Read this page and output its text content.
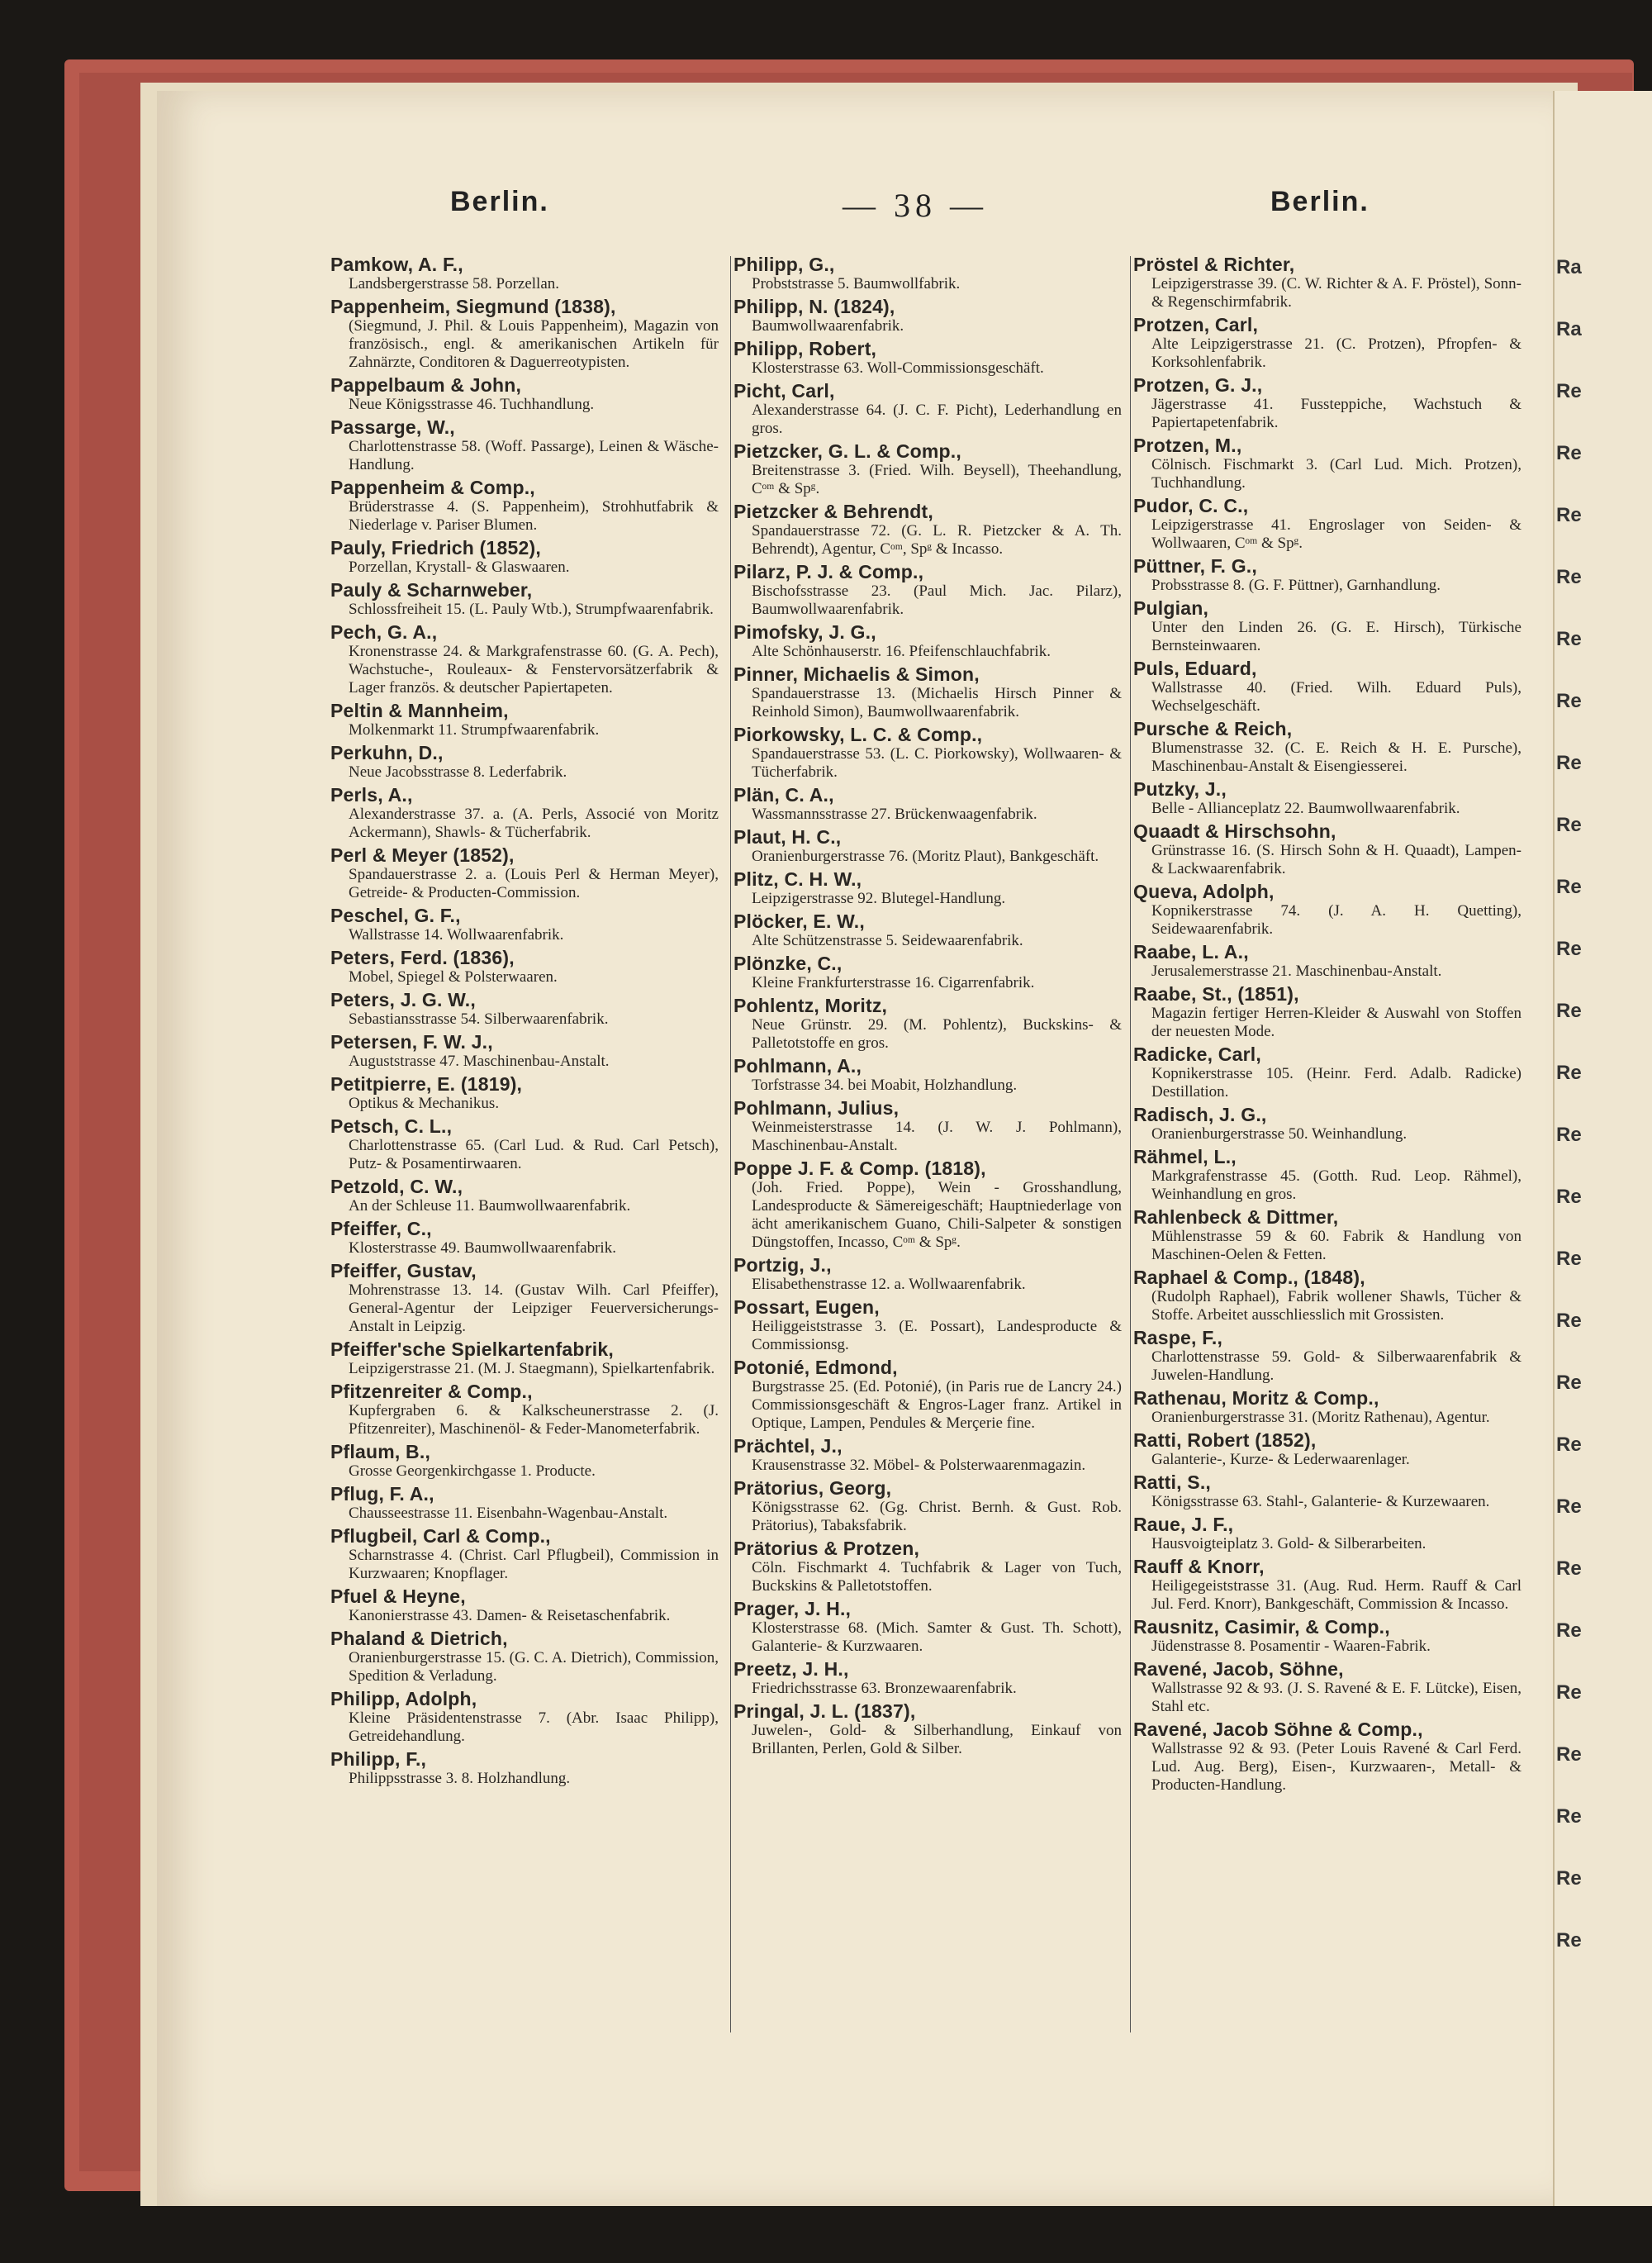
Ra
Ra
Re
Re
Re
Re
Re
Re
Re
Re
Re
Re
Re
Re
Re
Re
Re
Re
Re
Re
Re
Re
Re
Re
Re
Re
Re
Re
Berlin.	— 38 —	Berlin.
Pamkow, A. F.,
Landsbergerstrasse 58. Porzellan.
Pappenheim, Siegmund (1838),
(Siegmund, J. Phil. & Louis Pappenheim), Magazin von französisch., engl. & amerikanischen Artikeln für Zahnärzte, Conditoren & Daguerreotypisten.
Pappelbaum & John,
Neue Königsstrasse 46. Tuchhandlung.
Passarge, W.,
Charlottenstrasse 58. (Woff. Passarge), Leinen & Wäsche-Handlung.
Pappenheim & Comp.,
Brüderstrasse 4. (S. Pappenheim), Strohhutfabrik & Niederlage v. Pariser Blumen.
Pauly, Friedrich (1852),
Porzellan, Krystall- & Glaswaaren.
Pauly & Scharnweber,
Schlossfreiheit 15. (L. Pauly Wtb.), Strumpfwaarenfabrik.
Pech, G. A.,
Kronenstrasse 24. & Markgrafenstrasse 60. (G. A. Pech), Wachstuche-, Rouleaux- & Fenstervorsätzerfabrik & Lager französ. & deutscher Papiertapeten.
Peltin & Mannheim,
Molkenmarkt 11. Strumpfwaarenfabrik.
Perkuhn, D.,
Neue Jacobsstrasse 8. Lederfabrik.
Perls, A.,
Alexanderstrasse 37. a. (A. Perls, Associé von Moritz Ackermann), Shawls- & Tücherfabrik.
Perl & Meyer (1852),
Spandauerstrasse 2. a. (Louis Perl & Herman Meyer), Getreide- & Producten-Commission.
Peschel, G. F.,
Wallstrasse 14. Wollwaarenfabrik.
Peters, Ferd. (1836),
Mobel, Spiegel & Polsterwaaren.
Peters, J. G. W.,
Sebastiansstrasse 54. Silberwaarenfabrik.
Petersen, F. W. J.,
Auguststrasse 47. Maschinenbau-Anstalt.
Petitpierre, E. (1819),
Optikus & Mechanikus.
Petsch, C. L.,
Charlottenstrasse 65. (Carl Lud. & Rud. Carl Petsch), Putz- & Posamentirwaaren.
Petzold, C. W.,
An der Schleuse 11. Baumwollwaarenfabrik.
Pfeiffer, C.,
Klosterstrasse 49. Baumwollwaarenfabrik.
Pfeiffer, Gustav,
Mohrenstrasse 13. 14. (Gustav Wilh. Carl Pfeiffer), General-Agentur der Leipziger Feuerversicherungs-Anstalt in Leipzig.
Pfeiffer'sche Spielkartenfabrik,
Leipzigerstrasse 21. (M. J. Staegmann), Spielkartenfabrik.
Pfitzenreiter & Comp.,
Kupfergraben 6. & Kalkscheunerstrasse 2. (J. Pfitzenreiter), Maschinenöl- & Feder-Manometerfabrik.
Pflaum, B.,
Grosse Georgenkirchgasse 1. Producte.
Pflug, F. A.,
Chausseestrasse 11. Eisenbahn-Wagenbau-Anstalt.
Pflugbeil, Carl & Comp.,
Scharnstrasse 4. (Christ. Carl Pflugbeil), Commission in Kurzwaaren; Knopflager.
Pfuel & Heyne,
Kanonierstrasse 43. Damen- & Reisetaschenfabrik.
Phaland & Dietrich,
Oranienburgerstrasse 15. (G. C. A. Dietrich), Commission, Spedition & Verladung.
Philipp, Adolph,
Kleine Präsidentenstrasse 7. (Abr. Isaac Philipp), Getreidehandlung.
Philipp, F.,
Philippsstrasse 3. 8. Holzhandlung.
Philipp, G.,
Probststrasse 5. Baumwollfabrik.
Philipp, N. (1824),
Baumwollwaarenfabrik.
Philipp, Robert,
Klosterstrasse 63. Woll-Commissionsgeschäft.
Picht, Carl,
Alexanderstrasse 64. (J. C. F. Picht), Lederhandlung en gros.
Pietzcker, G. L. & Comp.,
Breitenstrasse 3. (Fried. Wilh. Beysell), Theehandlung, Cᵒᵐ & Spᵍ.
Pietzcker & Behrendt,
Spandauerstrasse 72. (G. L. R. Pietzcker & A. Th. Behrendt), Agentur, Cᵒᵐ, Spᵍ & Incasso.
Pilarz, P. J. & Comp.,
Bischofsstrasse 23. (Paul Mich. Jac. Pilarz), Baumwollwaarenfabrik.
Pimofsky, J. G.,
Alte Schönhauserstr. 16. Pfeifenschlauchfabrik.
Pinner, Michaelis & Simon,
Spandauerstrasse 13. (Michaelis Hirsch Pinner & Reinhold Simon), Baumwollwaarenfabrik.
Piorkowsky, L. C. & Comp.,
Spandauerstrasse 53. (L. C. Piorkowsky), Wollwaaren- & Tücherfabrik.
Plän, C. A.,
Wassmannsstrasse 27. Brückenwaagenfabrik.
Plaut, H. C.,
Oranienburgerstrasse 76. (Moritz Plaut), Bankgeschäft.
Plitz, C. H. W.,
Leipzigerstrasse 92. Blutegel-Handlung.
Plöcker, E. W.,
Alte Schützenstrasse 5. Seidewaarenfabrik.
Plönzke, C.,
Kleine Frankfurterstrasse 16. Cigarrenfabrik.
Pohlentz, Moritz,
Neue Grünstr. 29. (M. Pohlentz), Buckskins- & Palletotstoffe en gros.
Pohlmann, A.,
Torfstrasse 34. bei Moabit, Holzhandlung.
Pohlmann, Julius,
Weinmeisterstrasse 14. (J. W. J. Pohlmann), Maschinenbau-Anstalt.
Poppe J. F. & Comp. (1818),
(Joh. Fried. Poppe), Wein - Grosshandlung, Landesproducte & Sämereigeschäft; Hauptniederlage von ächt amerikanischem Guano, Chili-Salpeter & sonstigen Düngstoffen, Incasso, Cᵒᵐ & Spᵍ.
Portzig, J.,
Elisabethenstrasse 12. a. Wollwaarenfabrik.
Possart, Eugen,
Heiliggeiststrasse 3. (E. Possart), Landesproducte & Commissionsg.
Potonié, Edmond,
Burgstrasse 25. (Ed. Potonié), (in Paris rue de Lancry 24.) Commissionsgeschäft & Engros-Lager franz. Artikel in Optique, Lampen, Pendules & Merçerie fine.
Prächtel, J.,
Krausenstrasse 32. Möbel- & Polsterwaarenmagazin.
Prätorius, Georg,
Königsstrasse 62. (Gg. Christ. Bernh. & Gust. Rob. Prätorius), Tabaksfabrik.
Prätorius & Protzen,
Cöln. Fischmarkt 4. Tuchfabrik & Lager von Tuch, Buckskins & Palletotstoffen.
Prager, J. H.,
Klosterstrasse 68. (Mich. Samter & Gust. Th. Schott), Galanterie- & Kurzwaaren.
Preetz, J. H.,
Friedrichsstrasse 63. Bronzewaarenfabrik.
Pringal, J. L. (1837),
Juwelen-, Gold- & Silberhandlung, Einkauf von Brillanten, Perlen, Gold & Silber.
Pröstel & Richter,
Leipzigerstrasse 39. (C. W. Richter & A. F. Pröstel), Sonn- & Regenschirmfabrik.
Protzen, Carl,
Alte Leipzigerstrasse 21. (C. Protzen), Pfropfen- & Korksohlenfabrik.
Protzen, G. J.,
Jägerstrasse 41. Fussteppiche, Wachstuch & Papiertapetenfabrik.
Protzen, M.,
Cölnisch. Fischmarkt 3. (Carl Lud. Mich. Protzen), Tuchhandlung.
Pudor, C. C.,
Leipzigerstrasse 41. Engroslager von Seiden- & Wollwaaren, Cᵒᵐ & Spᵍ.
Püttner, F. G.,
Probsstrasse 8. (G. F. Püttner), Garnhandlung.
Pulgian,
Unter den Linden 26. (G. E. Hirsch), Türkische Bernsteinwaaren.
Puls, Eduard,
Wallstrasse 40. (Fried. Wilh. Eduard Puls), Wechselgeschäft.
Pursche & Reich,
Blumenstrasse 32. (C. E. Reich & H. E. Pursche), Maschinenbau-Anstalt & Eisengiesserei.
Putzky, J.,
Belle - Allianceplatz 22. Baumwollwaarenfabrik.
Quaadt & Hirschsohn,
Grünstrasse 16. (S. Hirsch Sohn & H. Quaadt), Lampen- & Lackwaarenfabrik.
Queva, Adolph,
Kopnikerstrasse 74. (J. A. H. Quetting), Seidewaarenfabrik.
Raabe, L. A.,
Jerusalemerstrasse 21. Maschinenbau-Anstalt.
Raabe, St., (1851),
Magazin fertiger Herren-Kleider & Auswahl von Stoffen der neuesten Mode.
Radicke, Carl,
Kopnikerstrasse 105. (Heinr. Ferd. Adalb. Radicke) Destillation.
Radisch, J. G.,
Oranienburgerstrasse 50. Weinhandlung.
Rähmel, L.,
Markgrafenstrasse 45. (Gotth. Rud. Leop. Rähmel), Weinhandlung en gros.
Rahlenbeck & Dittmer,
Mühlenstrasse 59 & 60. Fabrik & Handlung von Maschinen-Oelen & Fetten.
Raphael & Comp., (1848),
(Rudolph Raphael), Fabrik wollener Shawls, Tücher & Stoffe. Arbeitet ausschliesslich mit Grossisten.
Raspe, F.,
Charlottenstrasse 59. Gold- & Silberwaarenfabrik & Juwelen-Handlung.
Rathenau, Moritz & Comp.,
Oranienburgerstrasse 31. (Moritz Rathenau), Agentur.
Ratti, Robert (1852),
Galanterie-, Kurze- & Lederwaarenlager.
Ratti, S.,
Königsstrasse 63. Stahl-, Galanterie- & Kurzewaaren.
Raue, J. F.,
Hausvoigteiplatz 3. Gold- & Silberarbeiten.
Rauff & Knorr,
Heiligegeiststrasse 31. (Aug. Rud. Herm. Rauff & Carl Jul. Ferd. Knorr), Bankgeschäft, Commission & Incasso.
Rausnitz, Casimir, & Comp.,
Jüdenstrasse 8. Posamentir - Waaren-Fabrik.
Ravené, Jacob, Söhne,
Wallstrasse 92 & 93. (J. S. Ravené & E. F. Lütcke), Eisen, Stahl etc.
Ravené, Jacob Söhne & Comp.,
Wallstrasse 92 & 93. (Peter Louis Ravené & Carl Ferd. Lud. Aug. Berg), Eisen-, Kurzwaaren-, Metall- & Producten-Handlung.
